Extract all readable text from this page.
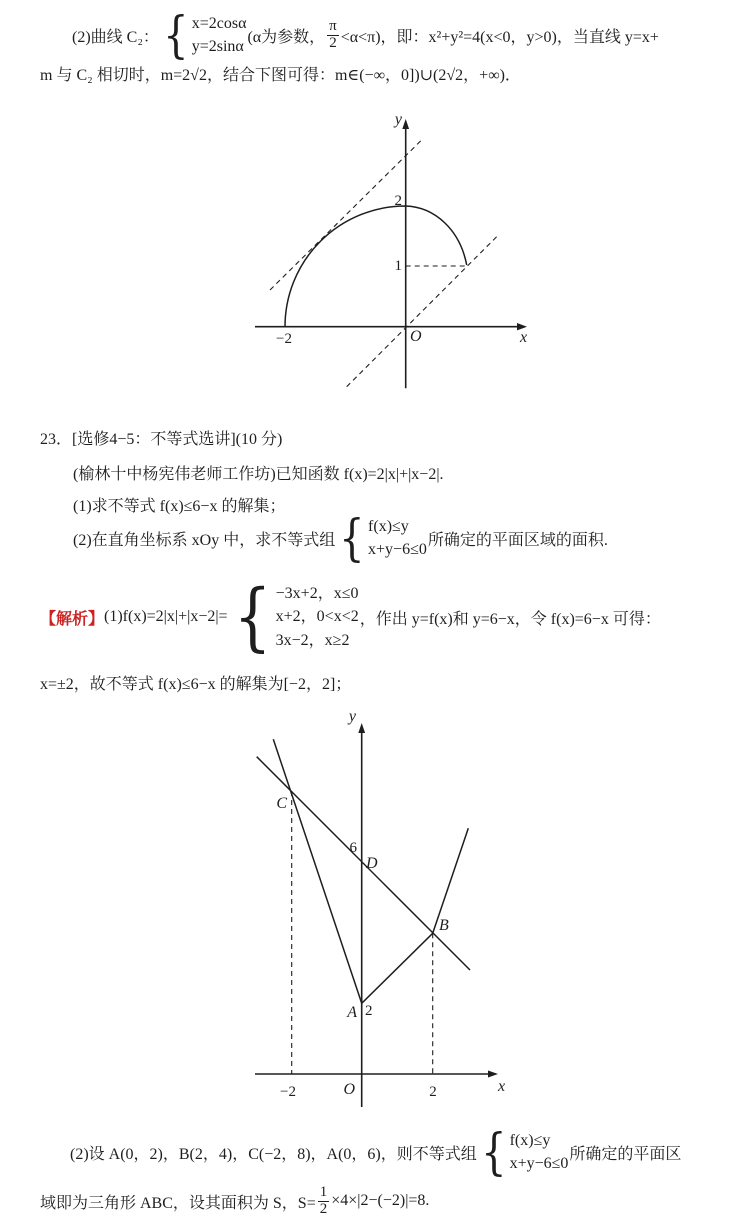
(2)曲线 C₂： { x=2cosα
y=2sinα
(α为参数， $\frac{\pi}{2} <\alpha<\pi$)，即：x²+y²=4(x<0，y>0)，当直线 y=x+
m 与 C₂ 相切时，m=2√2，结合下图可得：m∈(−∞，0])∪(2√2，+∞)．
y
x
O
2
1
−2
23．[选修4−5：不等式选讲](10 分)
(榆林十中杨宪伟老师工作坊)已知函数 f(x)=2|x|+|x−2|.
(1)求不等式 f(x)≤6−x 的解集；
(2)在直角坐标系 xOy 中，求不等式组 { f(x)≤y
x+y−6≤0
所确定的平面区域的面积.
【解析】 (1)f(x)=2|x|+|x−2|= { −3x+2，x≤0
x+2，0<x<2
3x−2，x≥2
，作出 y=f(x)和 y=6−x，令 f(x)=6−x 可得：
x=±2，故不等式 f(x)≤6−x 的解集为[−2，2]；
y
x
C
6
D
B
A 2
−2	O	2
(2)设 A(0，2)，B(2，4)，C(−2，8)，A(0，6)，则不等式组 { f(x)≤y
x+y−6≤0
所确定的平面区
域即为三角形 ABC，设其面积为 S，$S= \frac{1}{2} \times 4\times|2-(-2)|=8$.
